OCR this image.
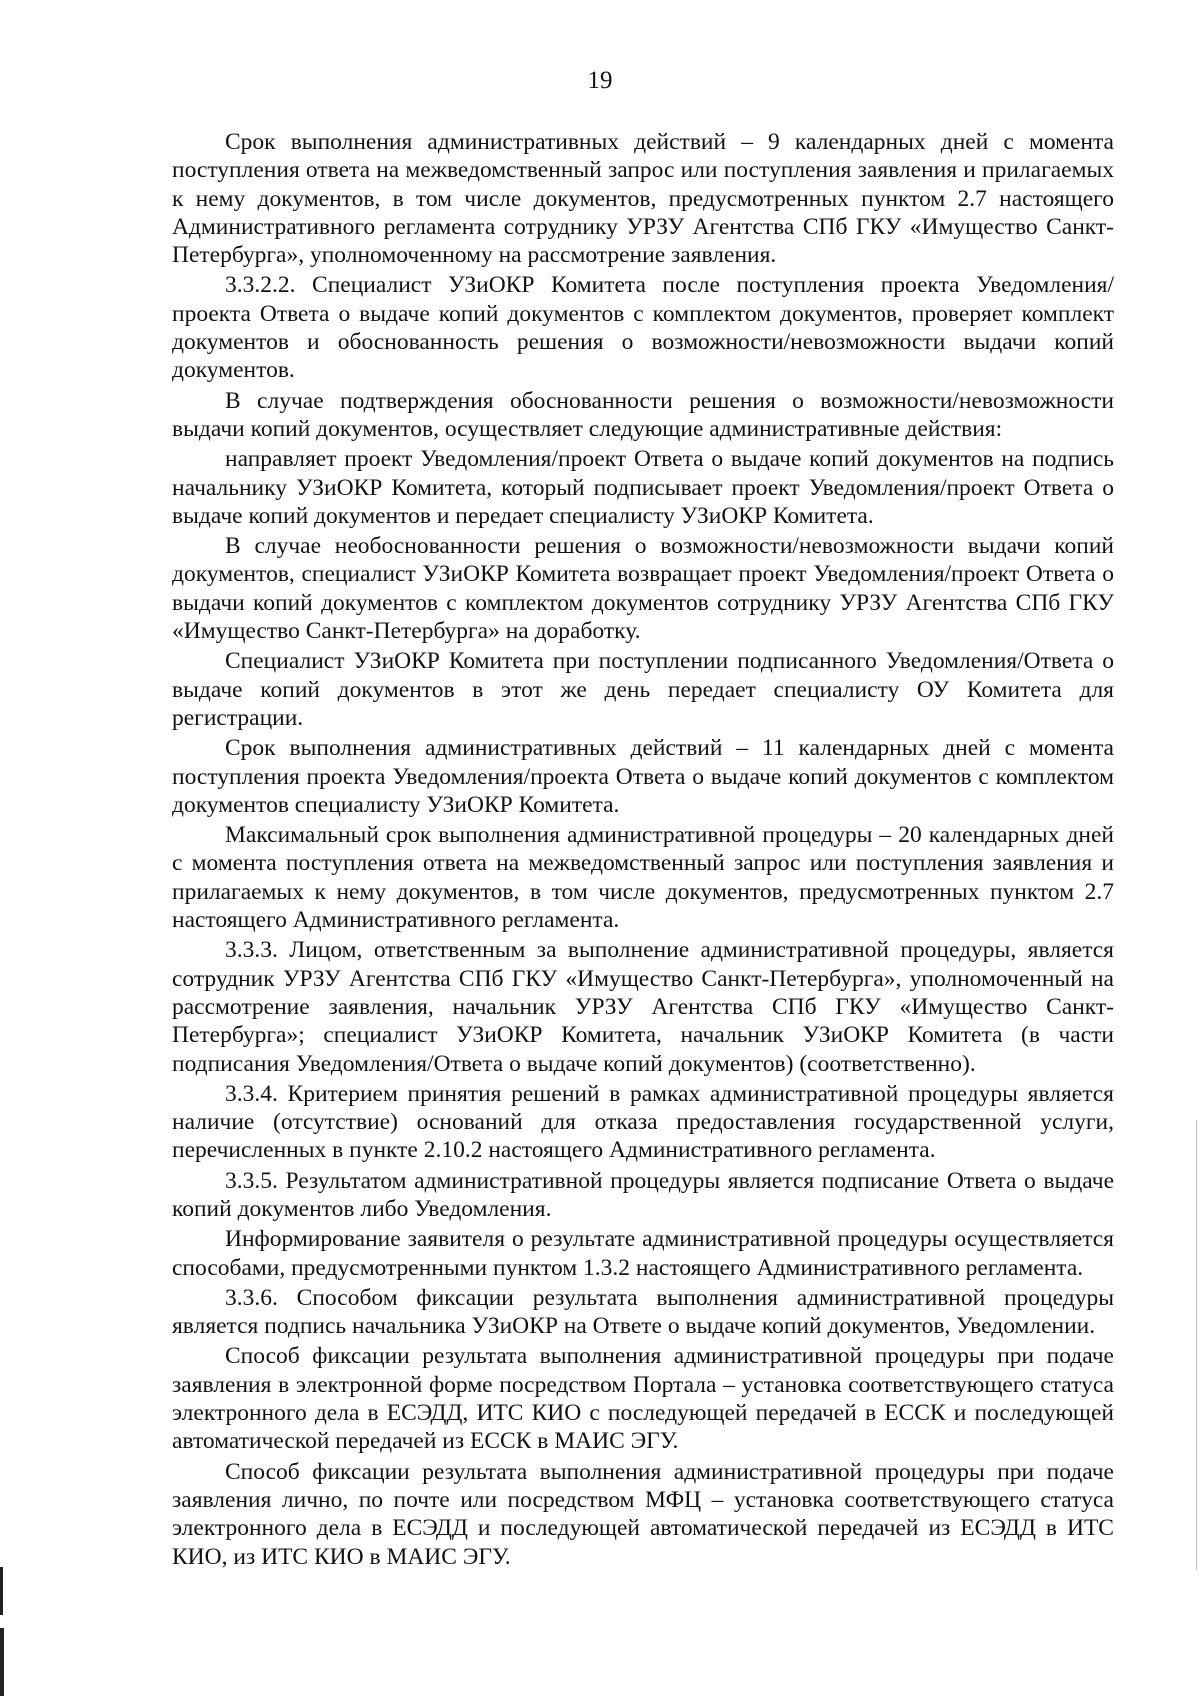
19

Срок выполнения административных действий – 9 календарных дней с момента поступления ответа на межведомственный запрос или поступления заявления и прилагаемых к нему документов, в том числе документов, предусмотренных пунктом 2.7 настоящего Административного регламента сотруднику УРЗУ Агентства СПб ГКУ «Имущество Санкт-Петербурга», уполномоченному на рассмотрение заявления.

3.3.2.2. Специалист УЗиОКР Комитета после поступления проекта Уведомления/проекта Ответа о выдаче копий документов с комплектом документов, проверяет комплект документов и обоснованность решения о возможности/невозможности выдачи копий документов.

В случае подтверждения обоснованности решения о возможности/невозможности выдачи копий документов, осуществляет следующие административные действия:

направляет проект Уведомления/проект Ответа о выдаче копий документов на подпись начальнику УЗиОКР Комитета, который подписывает проект Уведомления/проект Ответа о выдаче копий документов и передает специалисту УЗиОКР Комитета.

В случае необоснованности решения о возможности/невозможности выдачи копий документов, специалист УЗиОКР Комитета возвращает проект Уведомления/проект Ответа о выдачи копий документов с комплектом документов сотруднику УРЗУ Агентства СПб ГКУ «Имущество Санкт-Петербурга» на доработку.

Специалист УЗиОКР Комитета при поступлении подписанного Уведомления/Ответа о выдаче копий документов в этот же день передает специалисту ОУ Комитета для регистрации.

Срок выполнения административных действий – 11 календарных дней с момента поступления проекта Уведомления/проекта Ответа о выдаче копий документов с комплектом документов специалисту УЗиОКР Комитета.

Максимальный срок выполнения административной процедуры – 20 календарных дней с момента поступления ответа на межведомственный запрос или поступления заявления и прилагаемых к нему документов, в том числе документов, предусмотренных пунктом 2.7 настоящего Административного регламента.

3.3.3. Лицом, ответственным за выполнение административной процедуры, является сотрудник УРЗУ Агентства СПб ГКУ «Имущество Санкт-Петербурга», уполномоченный на рассмотрение заявления, начальник УРЗУ Агентства СПб ГКУ «Имущество Санкт-Петербурга»; специалист УЗиОКР Комитета, начальник УЗиОКР Комитета (в части подписания Уведомления/Ответа о выдаче копий документов) (соответственно).

3.3.4. Критерием принятия решений в рамках административной процедуры является наличие (отсутствие) оснований для отказа предоставления государственной услуги, перечисленных в пункте 2.10.2 настоящего Административного регламента.

3.3.5. Результатом административной процедуры является подписание Ответа о выдаче копий документов либо Уведомления.

Информирование заявителя о результате административной процедуры осуществляется способами, предусмотренными пунктом 1.3.2 настоящего Административного регламента.

3.3.6. Способом фиксации результата выполнения административной процедуры является подпись начальника УЗиОКР на Ответе о выдаче копий документов, Уведомлении.

Способ фиксации результата выполнения административной процедуры при подаче заявления в электронной форме посредством Портала – установка соответствующего статуса электронного дела в ЕСЭДД, ИТС КИО с последующей передачей в ЕССК и последующей автоматической передачей из ЕССК в МАИС ЭГУ.

Способ фиксации результата выполнения административной процедуры при подаче заявления лично, по почте или посредством МФЦ – установка соответствующего статуса электронного дела в ЕСЭДД и последующей автоматической передачей из ЕСЭДД в ИТС КИО, из ИТС КИО в МАИС ЭГУ.
